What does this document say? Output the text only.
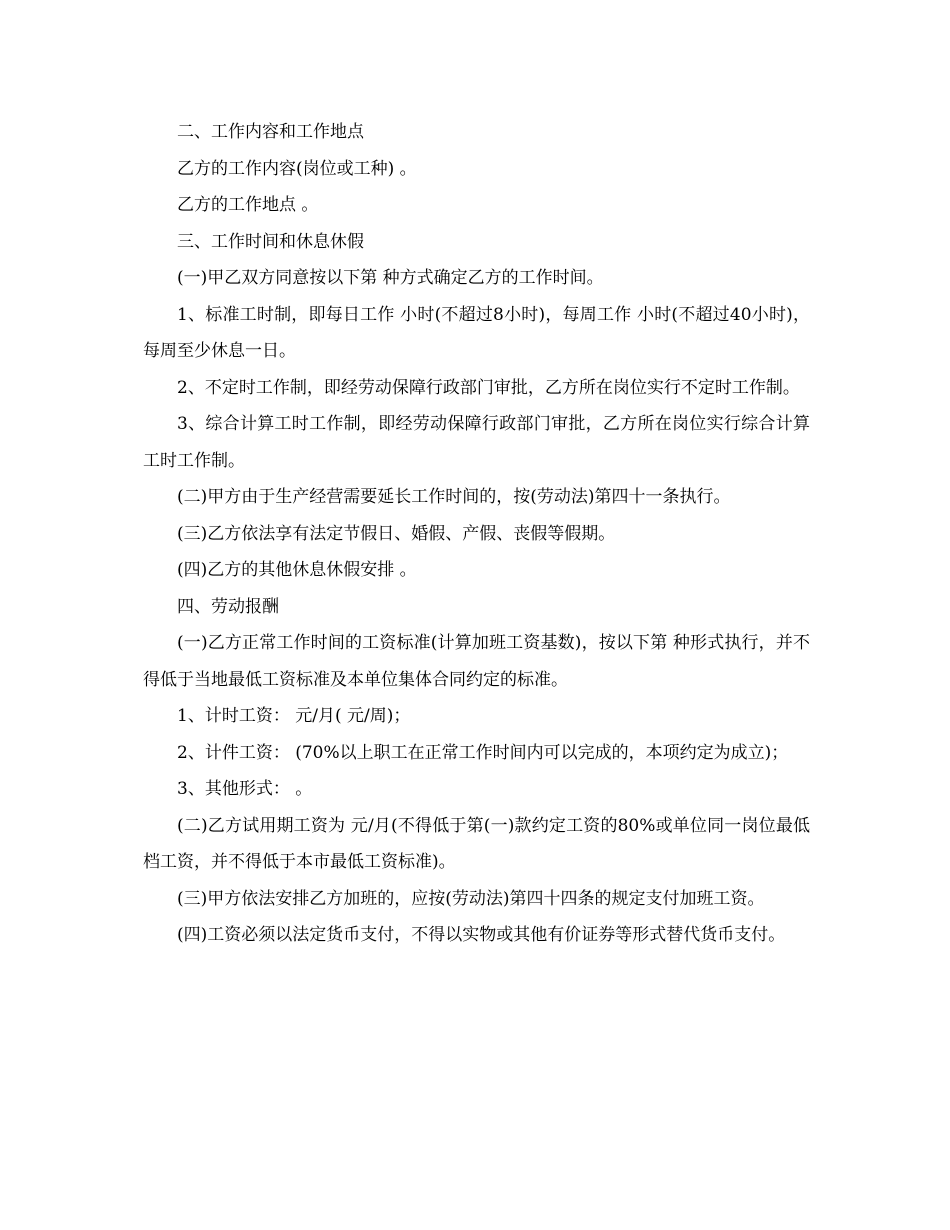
二、工作内容和工作地点

乙方的工作内容(岗位或工种) 。

乙方的工作地点 。

三、工作时间和休息休假

(一)甲乙双方同意按以下第 种方式确定乙方的工作时间。

1、标准工时制，即每日工作 小时(不超过8小时)，每周工作 小时(不超过40小时)，每周至少休息一日。

2、不定时工作制，即经劳动保障行政部门审批，乙方所在岗位实行不定时工作制。

3、综合计算工时工作制，即经劳动保障行政部门审批，乙方所在岗位实行综合计算工时工作制。

(二)甲方由于生产经营需要延长工作时间的，按(劳动法)第四十一条执行。

(三)乙方依法享有法定节假日、婚假、产假、丧假等假期。

(四)乙方的其他休息休假安排 。

四、劳动报酬

(一)乙方正常工作时间的工资标准(计算加班工资基数)，按以下第 种形式执行，并不得低于当地最低工资标准及本单位集体合同约定的标准。

1、计时工资： 元/月( 元/周)；

2、计件工资： (70%以上职工在正常工作时间内可以完成的，本项约定为成立)；

3、其他形式： 。

(二)乙方试用期工资为 元/月(不得低于第(一)款约定工资的80%或单位同一岗位最低档工资，并不得低于本市最低工资标准)。

(三)甲方依法安排乙方加班的，应按(劳动法)第四十四条的规定支付加班工资。

(四)工资必须以法定货币支付，不得以实物或其他有价证券等形式替代货币支付。
